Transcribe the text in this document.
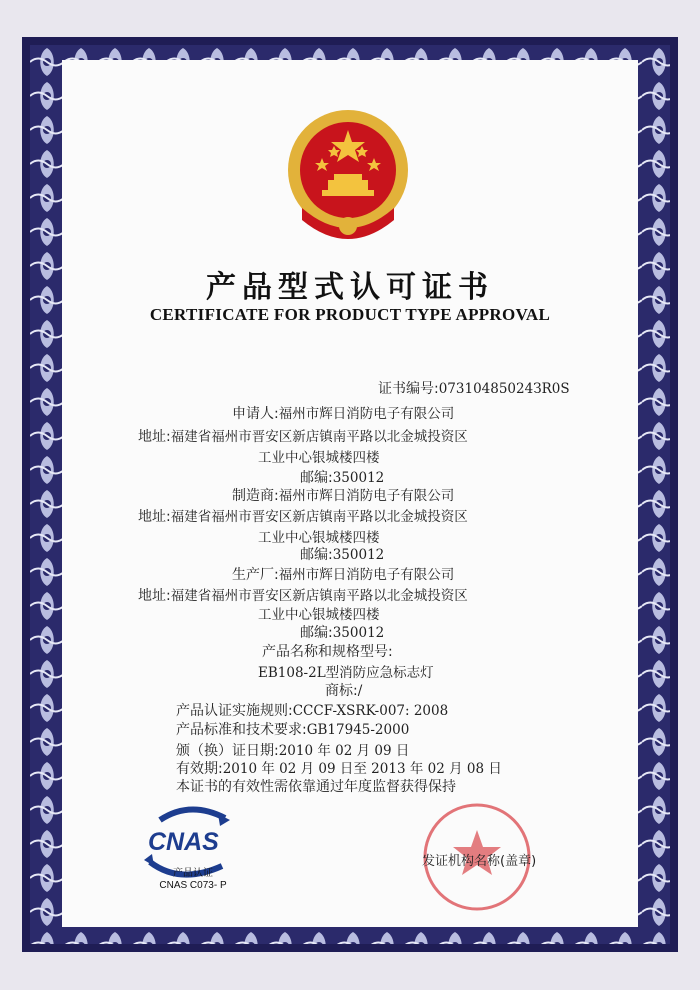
产品型式认可证书
CERTIFICATE FOR PRODUCT TYPE APPROVAL
证书编号:07310485024ЗR0S
申请人:福州市辉日消防电子有限公司
地址:福建省福州市晋安区新店镇南平路以北金城投资区
工业中心银城楼四楼
邮编:350012
制造商:福州市辉日消防电子有限公司
地址:福建省福州市晋安区新店镇南平路以北金城投资区
工业中心银城楼四楼
邮编:350012
生产厂:福州市辉日消防电子有限公司
地址:福建省福州市晋安区新店镇南平路以北金城投资区
工业中心银城楼四楼
邮编:350012
产品名称和规格型号:
EB108-2L型消防应急标志灯
商标:/
产品认证实施规则:CCCF-XSRK-007: 2008
产品标准和技术要求:GB17945-2000
颁（换）证日期:2010 年 02 月 09 日
有效期:2010 年 02 月 09 日至 2013 年 02 月 08 日
本证书的有效性需依靠通过年度监督获得保持
CNAS
产品认证
CNAS C073- P
发证机构名称(盖章)
